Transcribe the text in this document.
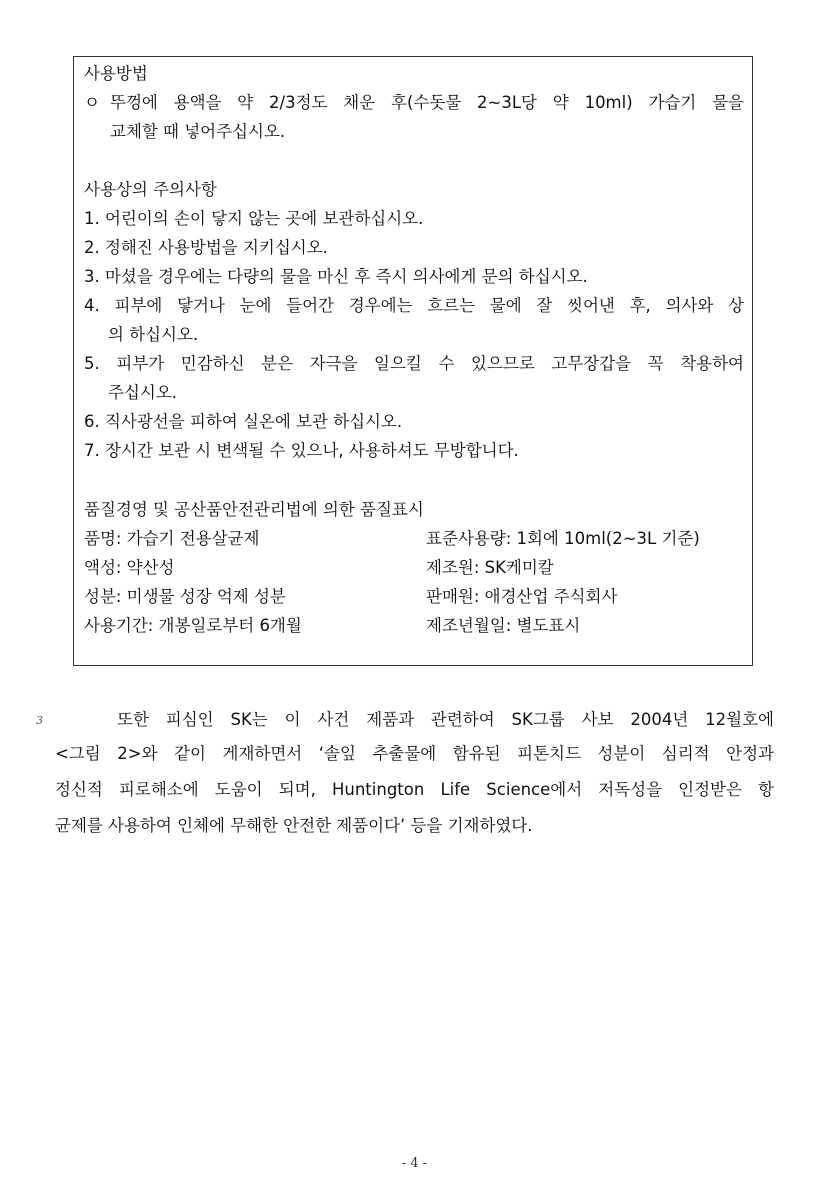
사용방법
ㅇ 뚜껑에 용액을 약 2/3정도 채운 후(수돗물 2∼3L당 약 10ml) 가습기 물을
교체할 때 넣어주십시오.
사용상의 주의사항
1. 어린이의 손이 닿지 않는 곳에 보관하십시오.
2. 정해진 사용방법을 지키십시오.
3. 마셨을 경우에는 다량의 물을 마신 후 즉시 의사에게 문의 하십시오.
4. 피부에 닿거나 눈에 들어간 경우에는 흐르는 물에 잘 씻어낸 후, 의사와 상
의 하십시오.
5. 피부가 민감하신 분은 자극을 일으킬 수 있으므로 고무장갑을 꼭 착용하여
주십시오.
6. 직사광선을 피하여 실온에 보관 하십시오.
7. 장시간 보관 시 변색될 수 있으나, 사용하셔도 무방합니다.
품질경영 및 공산품안전관리법에 의한 품질표시
품명: 가습기 전용살균제	표준사용량: 1회에 10ml(2∼3L 기준)
액성: 약산성	제조원: SK케미칼
성분: 미생물 성장 억제 성분	판매원: 애경산업 주식회사
사용기간: 개봉일로부터 6개월	제조년월일: 별도표시
3	또한 피심인 SK는 이 사건 제품과 관련하여 SK그룹 사보 2004년 12월호에
<그림 2>와 같이 게재하면서 ‘솔잎 추출물에 함유된 피톤치드 성분이 심리적 안정과
정신적 피로해소에 도움이 되며, Huntington Life Science에서 저독성을 인정받은 항
균제를 사용하여 인체에 무해한 안전한 제품이다’ 등을 기재하였다.
- 4 -
